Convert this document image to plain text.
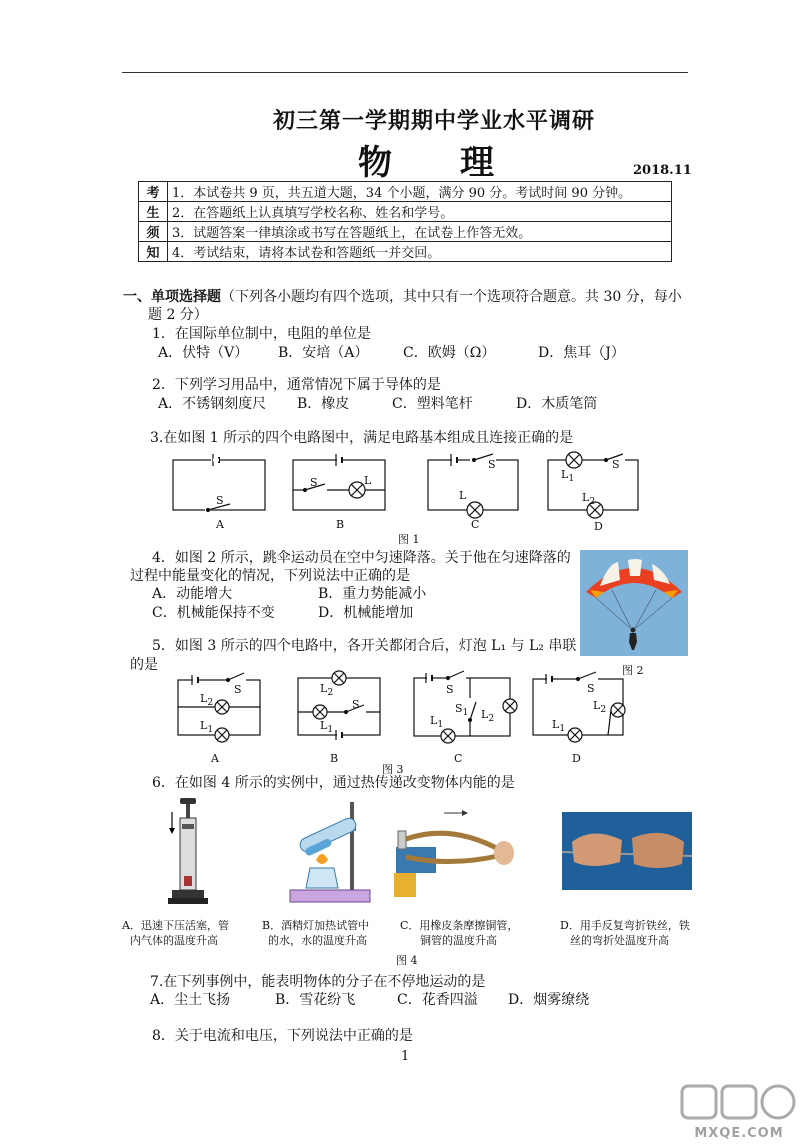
初三第一学期期中学业水平调研
物　　理	2018.11
考	1．本试卷共 9 页，共五道大题，34 个小题，满分 90 分。考试时间 90 分钟。
生	2．在答题纸上认真填写学校名称、姓名和学号。
须	3．试题答案一律填涂或书写在答题纸上，在试卷上作答无效。
知	4．考试结束，请将本试卷和答题纸一并交回。
一、单项选择题（下列各小题均有四个选项，其中只有一个选项符合题意。共 30 分，每小
题 2 分）
1．在国际单位制中，电阻的单位是
A．伏特（V） B．安培（A） C．欧姆（Ω）	D．焦耳（J）
2．下列学习用品中，通常情况下属于导体的是
A．不锈钢刻度尺 B．橡皮	C．塑料笔杆	D．木质笔筒
3.在如图 1 所示的四个电路图中，满足电路基本组成且连接正确的是
S
A
S	L
B
S
L
C
$L_1$
S
$L_2$
D
图 1
4．如图 2 所示，跳伞运动员在空中匀速降落。关于他在匀速降落的
过程中能量变化的情况，下列说法中正确的是
A．动能增大	B．重力势能减小
C．机械能保持不变	D．机械能增加
图 2
5．如图 3 所示的四个电路中，各开关都闭合后，灯泡 L₁ 与 L₂ 串联
的是
S
$L_2$
$L_1$
A
$L_2$
S
$L_1$
B
S
$S_1$ $L_2$
$L_1$
C
S
$L_2$
$L_1$
D
图 3
6．在如图 4 所示的实例中，通过热传递改变物体内能的是
A．迅速下压活塞，管
内气体的温度升高
B．酒精灯加热试管中
的水，水的温度升高
C．用橡皮条摩擦铜管，
铜管的温度升高
D．用手反复弯折铁丝，铁
丝的弯折处温度升高
图 4
7.在下列事例中，能表明物体的分子在不停地运动的是
A．尘土飞扬	B．雪花纷飞	C．花香四溢 D．烟雾缭绕
8．关于电流和电压，下列说法中正确的是
1
MXQE.COM
